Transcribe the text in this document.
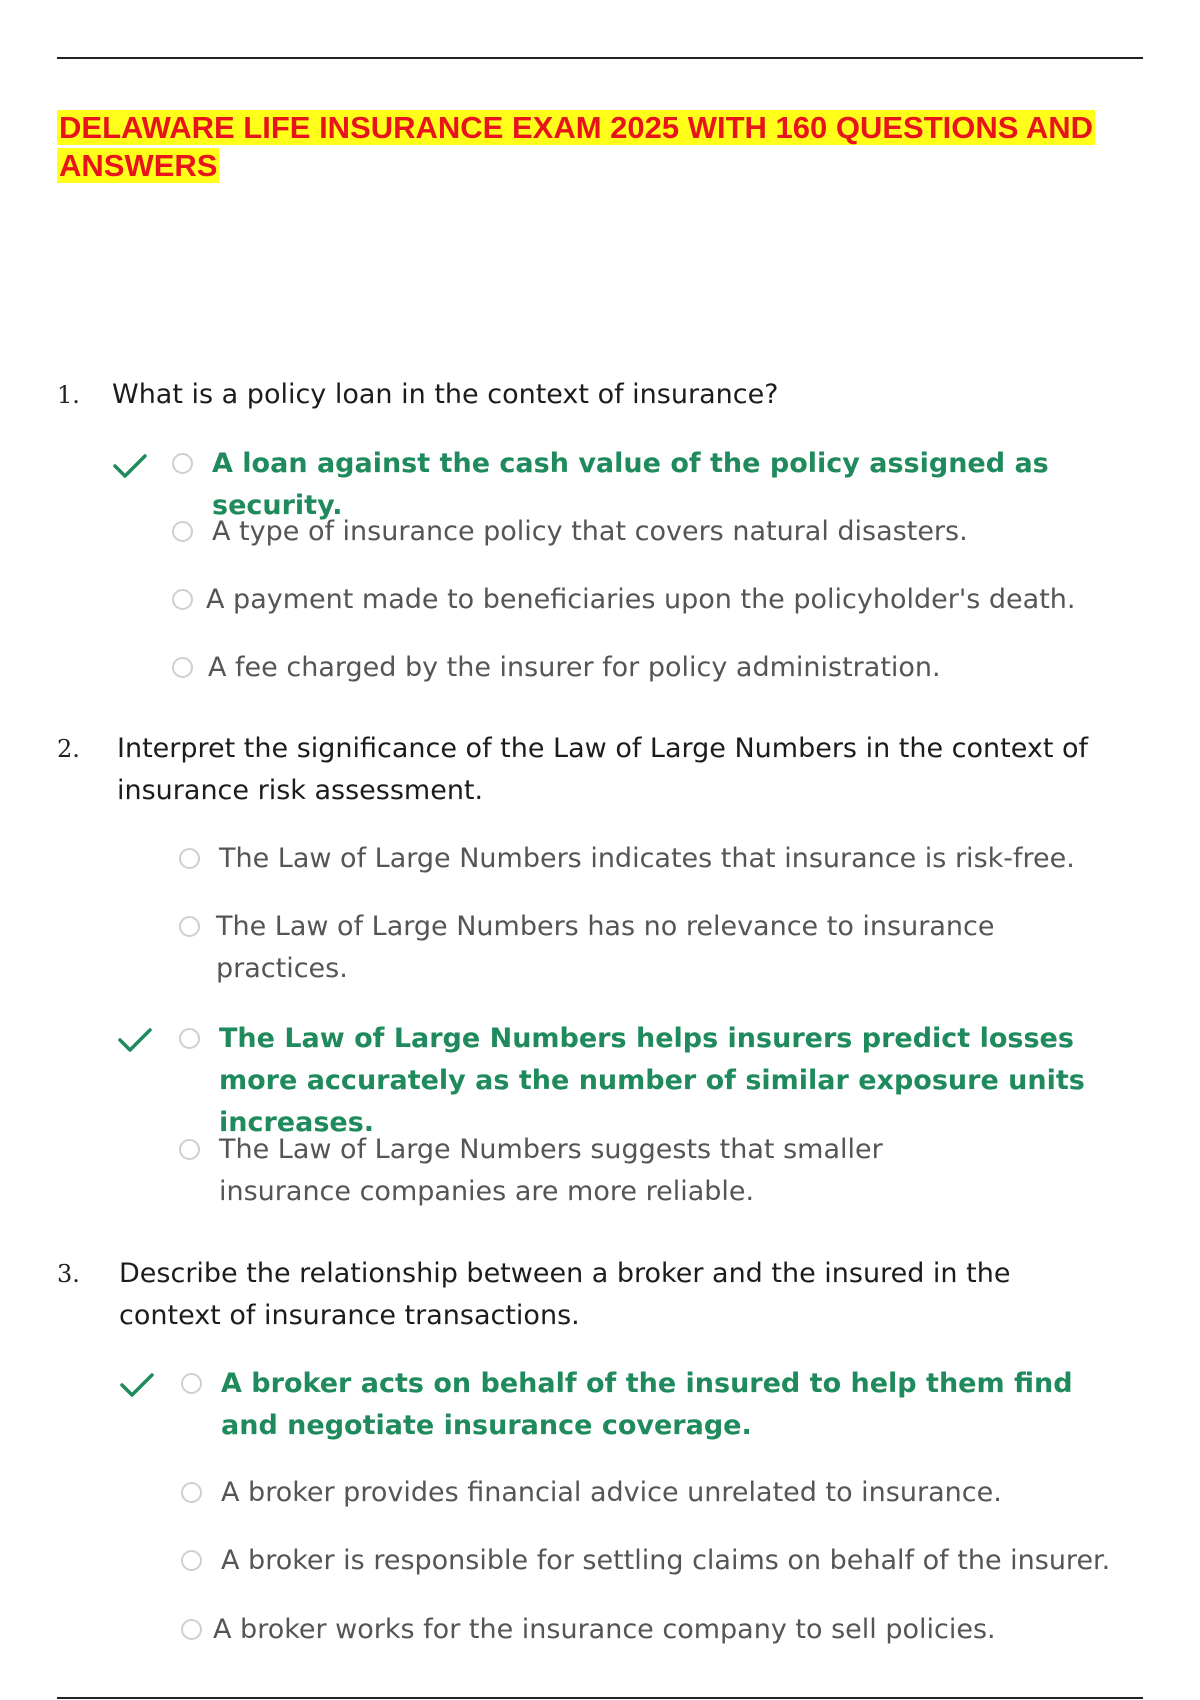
DELAWARE LIFE INSURANCE EXAM 2025 WITH 160 QUESTIONS AND ANSWERS
1. What is a policy loan in the context of insurance?
A loan against the cash value of the policy assigned as security.
A type of insurance policy that covers natural disasters.
A payment made to beneficiaries upon the policyholder's death.
A fee charged by the insurer for policy administration.
2. Interpret the significance of the Law of Large Numbers in the context of insurance risk assessment.
The Law of Large Numbers indicates that insurance is risk-free.
The Law of Large Numbers has no relevance to insurance practices.
The Law of Large Numbers helps insurers predict losses more accurately as the number of similar exposure units increases.
The Law of Large Numbers suggests that smaller insurance companies are more reliable.
3. Describe the relationship between a broker and the insured in the context of insurance transactions.
A broker acts on behalf of the insured to help them find and negotiate insurance coverage.
A broker provides financial advice unrelated to insurance.
A broker is responsible for settling claims on behalf of the insurer.
A broker works for the insurance company to sell policies.
